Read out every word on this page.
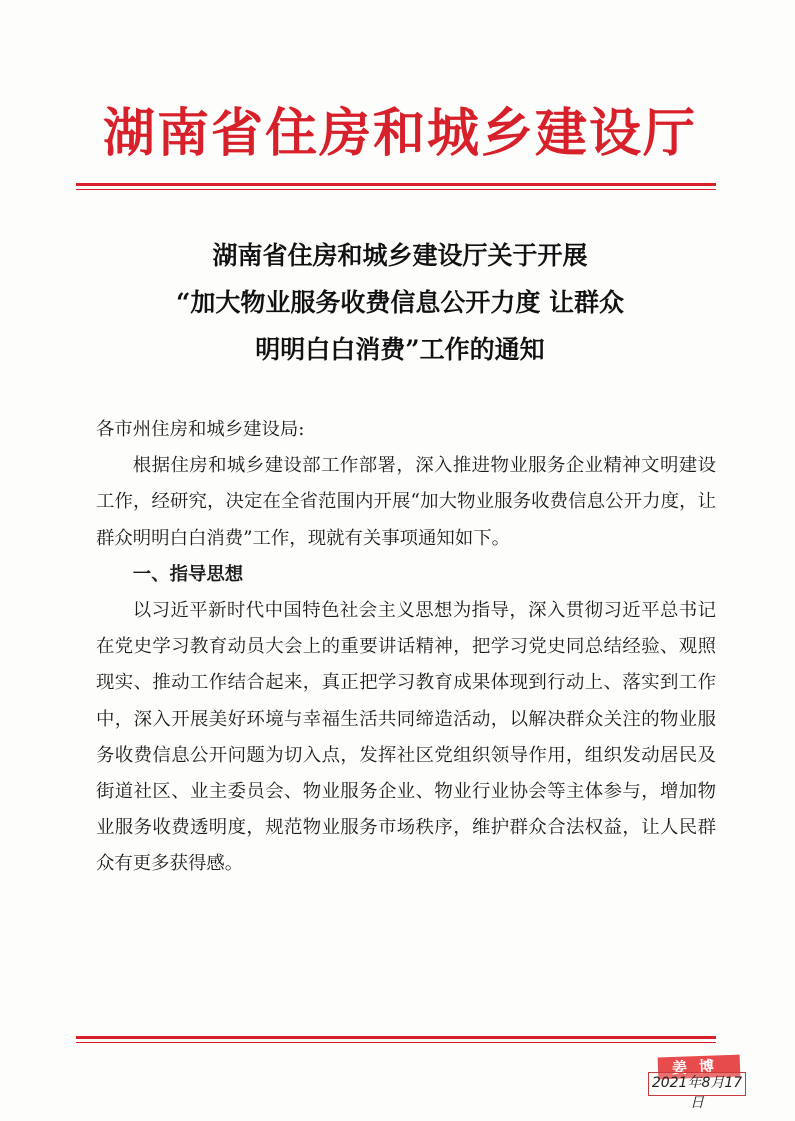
湖南省住房和城乡建设厅
湖南省住房和城乡建设厅关于开展
“加大物业服务收费信息公开力度 让群众
明明白白消费”工作的通知

各市州住房和城乡建设局:

根据住房和城乡建设部工作部署，深入推进物业服务企业精神文明建设工作，经研究，决定在全省范围内开展“加大物业服务收费信息公开力度，让群众明明白白消费”工作，现就有关事项通知如下。

一、指导思想

以习近平新时代中国特色社会主义思想为指导，深入贯彻习近平总书记在党史学习教育动员大会上的重要讲话精神，把学习党史同总结经验、观照现实、推动工作结合起来，真正把学习教育成果体现到行动上、落实到工作中，深入开展美好环境与幸福生活共同缔造活动，以解决群众关注的物业服务收费信息公开问题为切入点，发挥社区党组织领导作用，组织发动居民及街道社区、业主委员会、物业服务企业、物业行业协会等主体参与，增加物业服务收费透明度，规范物业服务市场秩序，维护群众合法权益，让人民群众有更多获得感。

姜博
2021年8月17日
